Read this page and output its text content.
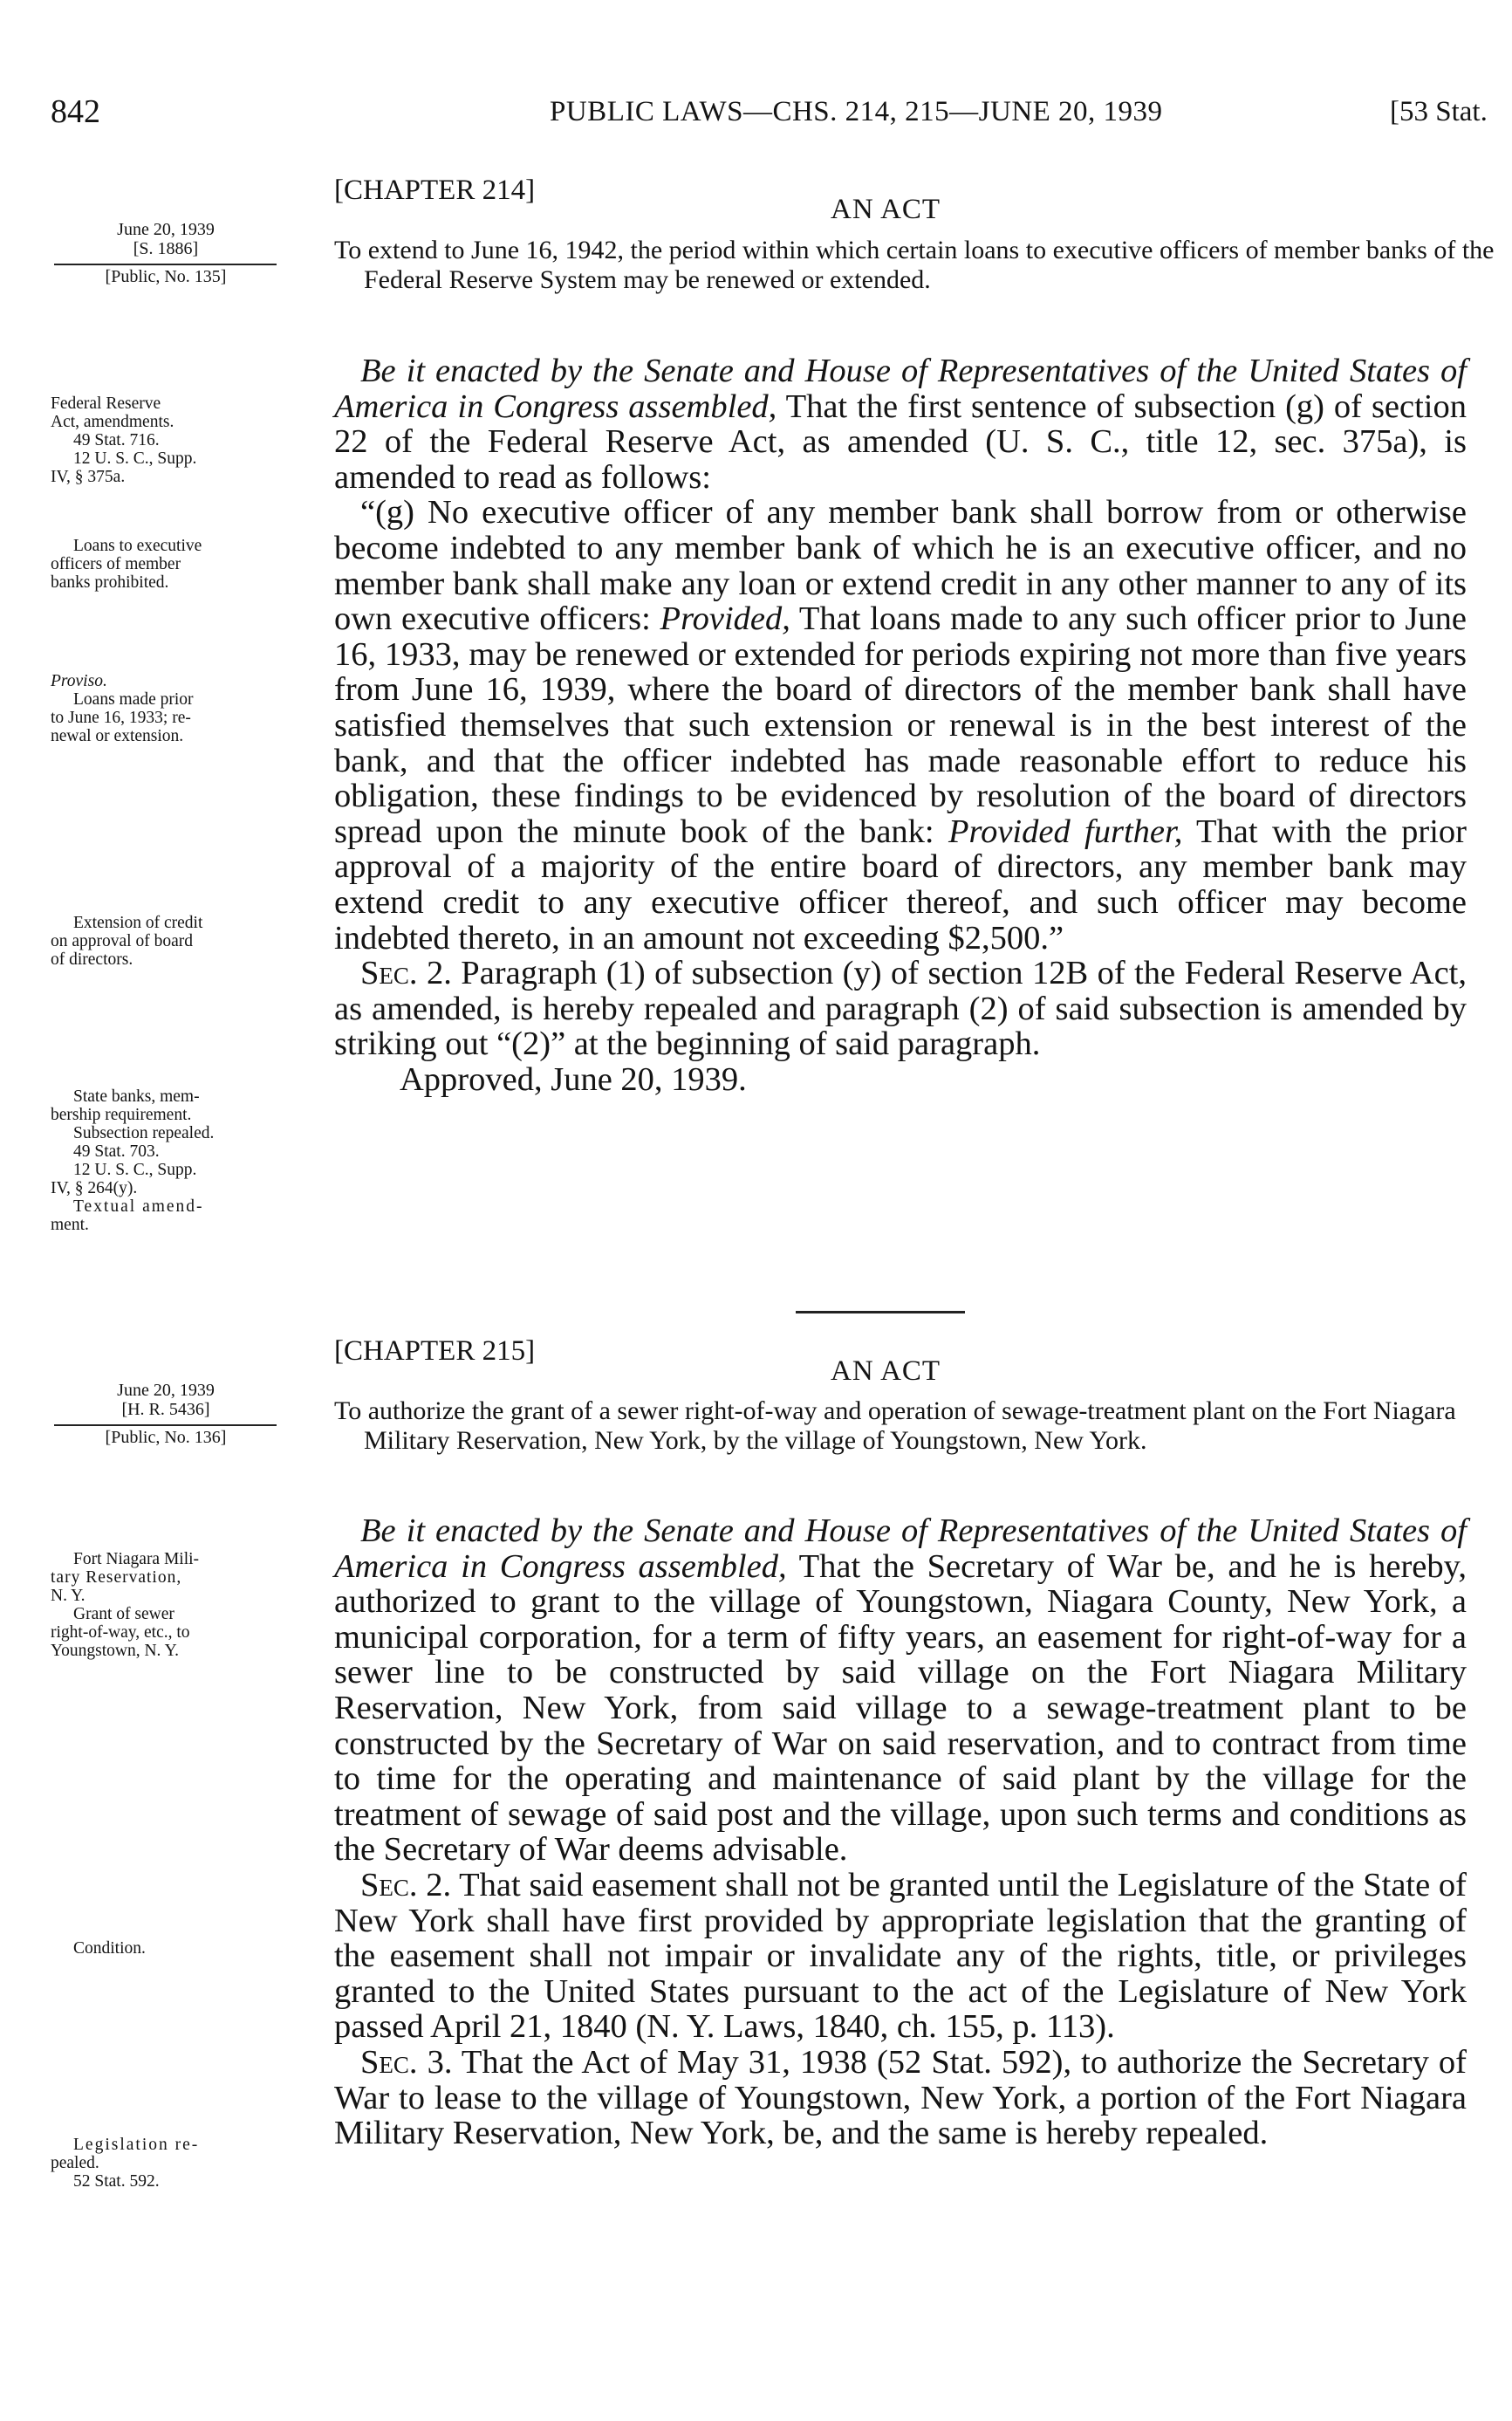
842	PUBLIC LAWS—CHS. 214, 215—JUNE 20, 1939	[53 Stat.
[CHAPTER 214]
AN ACT
To extend to June 16, 1942, the period within which certain loans to executive officers of member banks of the Federal Reserve System may be renewed or extended.
June 20, 1939
[S. 1886]
[Public, No. 135]

Federal Reserve

Act, amendments.

49 Stat. 716.

12 U. S. C., Supp.

IV, § 375a.

Loans to executive

officers of member

banks prohibited.

Proviso.

Loans made prior

to June 16, 1933; re-

newal or extension.

Extension of credit

on approval of board

of directors.

State banks, mem-

bership requirement.

Subsection repealed.

49 Stat. 703.

12 U. S. C., Supp.

IV, § 264(y).

Textual amend-

ment.

Be it enacted by the Senate and House of Representatives of the United States of America in Congress assembled, That the first sentence of subsection (g) of section 22 of the Federal Reserve Act, as amended (U. S. C., title 12, sec. 375a), is amended to read as follows:

“(g) No executive officer of any member bank shall borrow from or otherwise become indebted to any member bank of which he is an executive officer, and no member bank shall make any loan or extend credit in any other manner to any of its own executive officers: Provided, That loans made to any such officer prior to June 16, 1933, may be renewed or extended for periods expiring not more than five years from June 16, 1939, where the board of directors of the member bank shall have satisfied themselves that such extension or renewal is in the best interest of the bank, and that the officer indebted has made reasonable effort to reduce his obligation, these findings to be evidenced by resolution of the board of directors spread upon the minute book of the bank: Provided further, That with the prior approval of a majority of the entire board of directors, any member bank may extend credit to any executive officer thereof, and such officer may become indebted thereto, in an amount not exceeding $2,500.”

Sec. 2. Paragraph (1) of subsection (y) of section 12B of the Federal Reserve Act, as amended, is hereby repealed and paragraph (2) of said subsection is amended by striking out “(2)” at the beginning of said paragraph.

Approved, June 20, 1939.

[CHAPTER 215]
AN ACT
To authorize the grant of a sewer right-of-way and operation of sewage-treatment plant on the Fort Niagara Military Reservation, New York, by the village of Youngstown, New York.
June 20, 1939
[H. R. 5436]
[Public, No. 136]

Fort Niagara Mili-

tary Reservation,

N. Y.

Grant of sewer

right-of-way, etc., to

Youngstown, N. Y.

Condition.

Legislation re-

pealed.

52 Stat. 592.

Be it enacted by the Senate and House of Representatives of the United States of America in Congress assembled, That the Secretary of War be, and he is hereby, authorized to grant to the village of Youngstown, Niagara County, New York, a municipal corporation, for a term of fifty years, an easement for right-of-way for a sewer line to be constructed by said village on the Fort Niagara Military Reservation, New York, from said village to a sewage-treatment plant to be constructed by the Secretary of War on said reservation, and to contract from time to time for the operating and maintenance of said plant by the village for the treatment of sewage of said post and the village, upon such terms and conditions as the Secretary of War deems advisable.

Sec. 2. That said easement shall not be granted until the Legislature of the State of New York shall have first provided by appropriate legislation that the granting of the easement shall not impair or invalidate any of the rights, title, or privileges granted to the United States pursuant to the act of the Legislature of New York passed April 21, 1840 (N. Y. Laws, 1840, ch. 155, p. 113).

Sec. 3. That the Act of May 31, 1938 (52 Stat. 592), to authorize the Secretary of War to lease to the village of Youngstown, New York, a portion of the Fort Niagara Military Reservation, New York, be, and the same is hereby repealed.
